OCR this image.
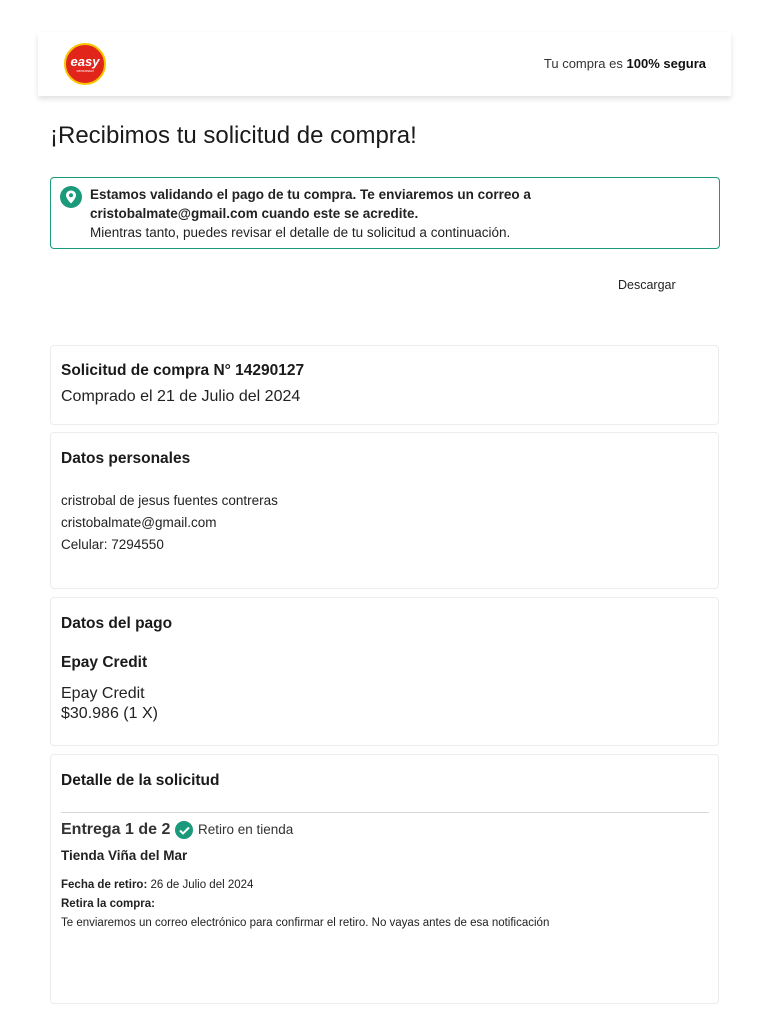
easy
cencosud	Tu compra es 100% segura
¡Recibimos tu solicitud de compra!
Estamos validando el pago de tu compra. Te enviaremos un correo a cristobalmate@gmail.com cuando este se acredite.
Mientras tanto, puedes revisar el detalle de tu solicitud a continuación.
Descargar
Solicitud de compra N° 14290127
Comprado el 21 de Julio del 2024
Datos personales
cristrobal de jesus fuentes contreras
cristobalmate@gmail.com
Celular: 7294550
Datos del pago
Epay Credit
Epay Credit
$30.986 (1 X)
Detalle de la solicitud
Entrega 1 de 2 Retiro en tienda
Tienda Viña del Mar
Fecha de retiro: 26 de Julio del 2024
Retira la compra:
Te enviaremos un correo electrónico para confirmar el retiro. No vayas antes de esa notificación
